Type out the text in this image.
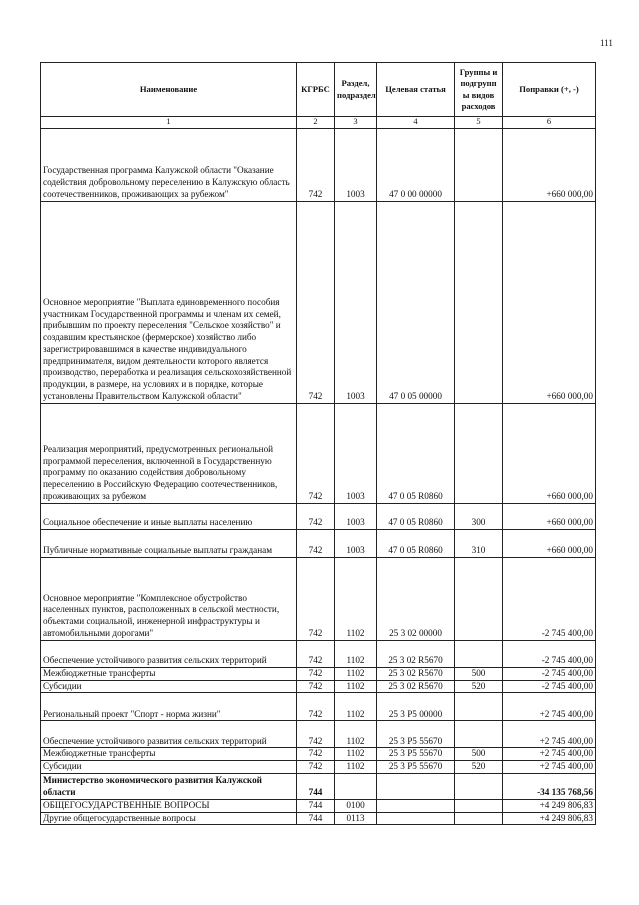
111
Наименование	КГРБС	Раздел, подраздел	Целевая статья	Группы и подгрупп ы видов расходов	Поправки (+, -)
1	2	3	4	5	6
Государственная программа Калужской области "Оказание содействия добровольному переселению в Калужскую область соотечественников, проживающих за рубежом"	742	1003	47 0 00 00000		+660 000,00
Основное мероприятие "Выплата единовременного пособия участникам Государственной программы и членам их семей, прибывшим по проекту переселения "Сельское хозяйство" и создавшим крестьянское (фермерское) хозяйство либо зарегистрировавшимся в качестве индивидуального предпринимателя, видом деятельности которого является производство, переработка и реализация сельскохозяйственной продукции, в размере, на условиях и в порядке, которые установлены Правительством Калужской области"	742	1003	47 0 05 00000		+660 000,00
Реализация мероприятий, предусмотренных региональной программой переселения, включенной в Государственную программу по оказанию содействия добровольному переселению в Российскую Федерацию соотечественников, проживающих за рубежом	742	1003	47 0 05 R0860		+660 000,00
Социальное обеспечение и иные выплаты населению	742	1003	47 0 05 R0860	300	+660 000,00
Публичные нормативные социальные выплаты гражданам	742	1003	47 0 05 R0860	310	+660 000,00
Основное мероприятие "Комплексное обустройство населенных пунктов, расположенных в сельской местности, объектами социальной, инженерной инфраструктуры и автомобильными дорогами"	742	1102	25 3 02 00000		-2 745 400,00
Обеспечение устойчивого развития сельских территорий	742	1102	25 3 02 R5670		-2 745 400,00
Межбюджетные трансферты	742	1102	25 3 02 R5670	500	-2 745 400,00
Субсидии	742	1102	25 3 02 R5670	520	-2 745 400,00
Региональный проект "Спорт - норма жизни"	742	1102	25 3 P5 00000		+2 745 400,00
Обеспечение устойчивого развития сельских территорий	742	1102	25 3 P5 55670		+2 745 400,00
Межбюджетные трансферты	742	1102	25 3 P5 55670	500	+2 745 400,00
Субсидии	742	1102	25 3 P5 55670	520	+2 745 400,00
Министерство экономического развития Калужской области	744				-34 135 768,56
ОБЩЕГОСУДАРСТВЕННЫЕ ВОПРОСЫ	744	0100			+4 249 806,83
Другие общегосударственные вопросы	744	0113			+4 249 806,83
